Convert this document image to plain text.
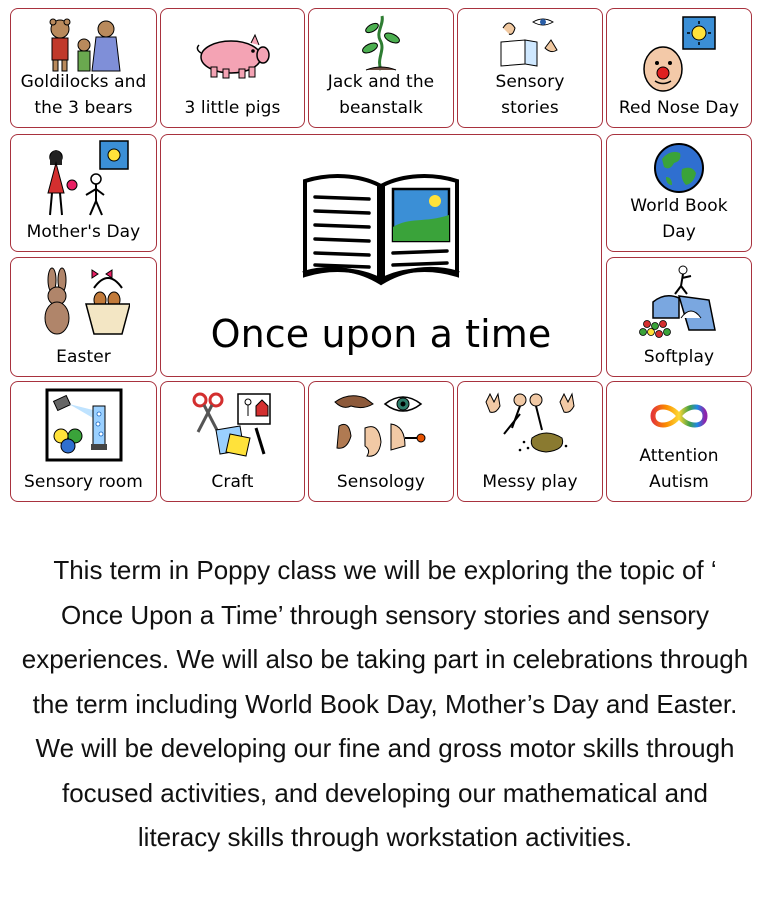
Goldilocks and
the 3 bears	3 little pigs
Jack and the
beanstalk
Sensory
stories	Red Nose Day
Mother's Day
Once upon a time
World Book
Day
Easter	Softplay
Sensory room	Craft	Sensology	Messy play
Attention
Autism

This term in Poppy class we will be exploring the topic of ‘ Once Upon a Time’ through sensory stories and sensory experiences. We will also be taking part in celebrations through the term including World Book Day, Mother’s Day and Easter. We will be developing our fine and gross motor skills through focused activities, and developing our mathematical and literacy skills through workstation activities.
